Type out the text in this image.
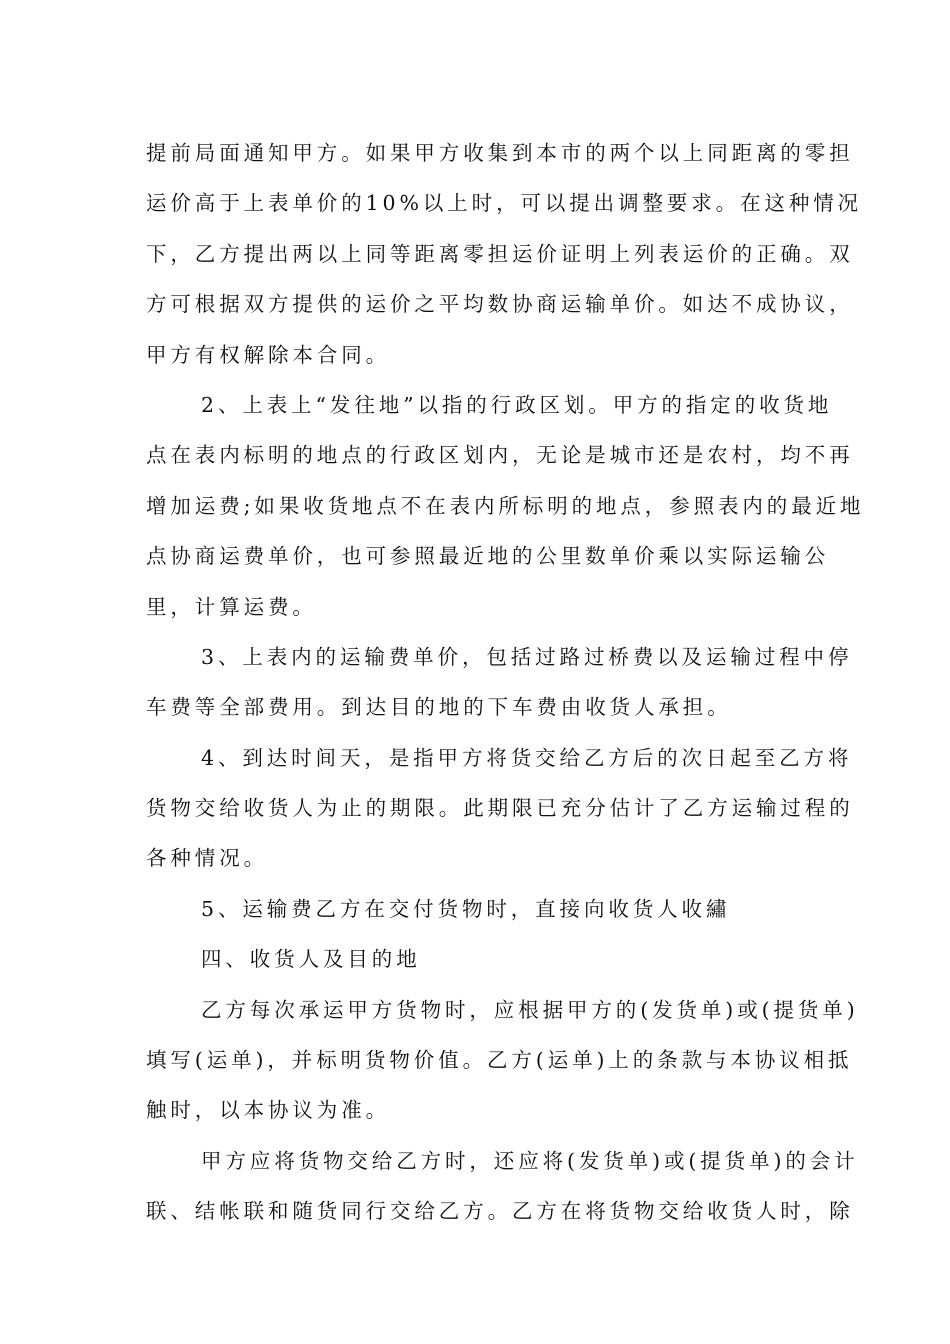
提前局面通知甲方。如果甲方收集到本市的两个以上同距离的零担
运价高于上表单价的10%以上时，可以提出调整要求。在这种情况
下，乙方提出两以上同等距离零担运价证明上列表运价的正确。双
方可根据双方提供的运价之平均数协商运输单价。如达不成协议，
甲方有权解除本合同。
2、上表上“发往地”以指的行政区划。甲方的指定的收货地
点在表内标明的地点的行政区划内，无论是城市还是农村，均不再
增加运费;如果收货地点不在表内所标明的地点，参照表内的最近地
点协商运费单价，也可参照最近地的公里数单价乘以实际运输公
里，计算运费。
3、上表内的运输费单价，包括过路过桥费以及运输过程中停
车费等全部费用。到达目的地的下车费由收货人承担。
4、到达时间天，是指甲方将货交给乙方后的次日起至乙方将
货物交给收货人为止的期限。此期限已充分估计了乙方运输过程的
各种情况。
5、运输费乙方在交付货物时，直接向收货人收繡
四、收货人及目的地
乙方每次承运甲方货物时，应根据甲方的(发货单)或(提货单)
填写(运单)，并标明货物价值。乙方(运单)上的条款与本协议相抵
触时，以本协议为准。
甲方应将货物交给乙方时，还应将(发货单)或(提货单)的会计
联、结帐联和随货同行交给乙方。乙方在将货物交给收货人时，除
